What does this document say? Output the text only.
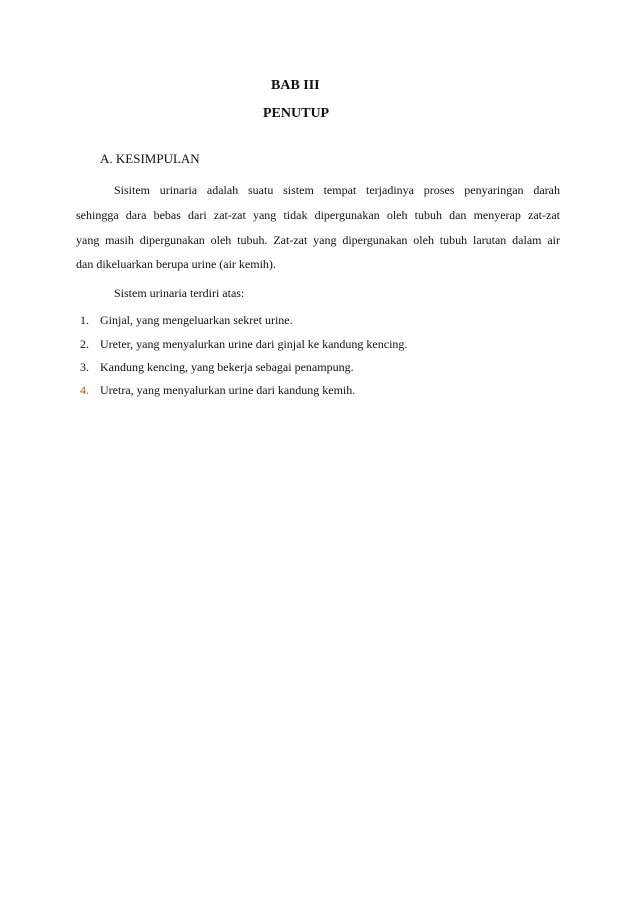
BAB III
PENUTUP
A. KESIMPULAN
Sisitem urinaria adalah suatu sistem tempat terjadinya proses penyaringan darah
sehingga dara bebas dari zat-zat yang tidak dipergunakan oleh tubuh dan menyerap zat-zat
yang masih dipergunakan oleh tubuh. Zat-zat yang dipergunakan oleh tubuh larutan dalam air
dan dikeluarkan berupa urine (air kemih).
Sistem urinaria terdiri atas:
1. Ginjal, yang mengeluarkan sekret urine.
2. Ureter, yang menyalurkan urine dari ginjal ke kandung kencing.
3. Kandung kencing, yang bekerja sebagai penampung.
4. Uretra, yang menyalurkan urine dari kandung kemih.
